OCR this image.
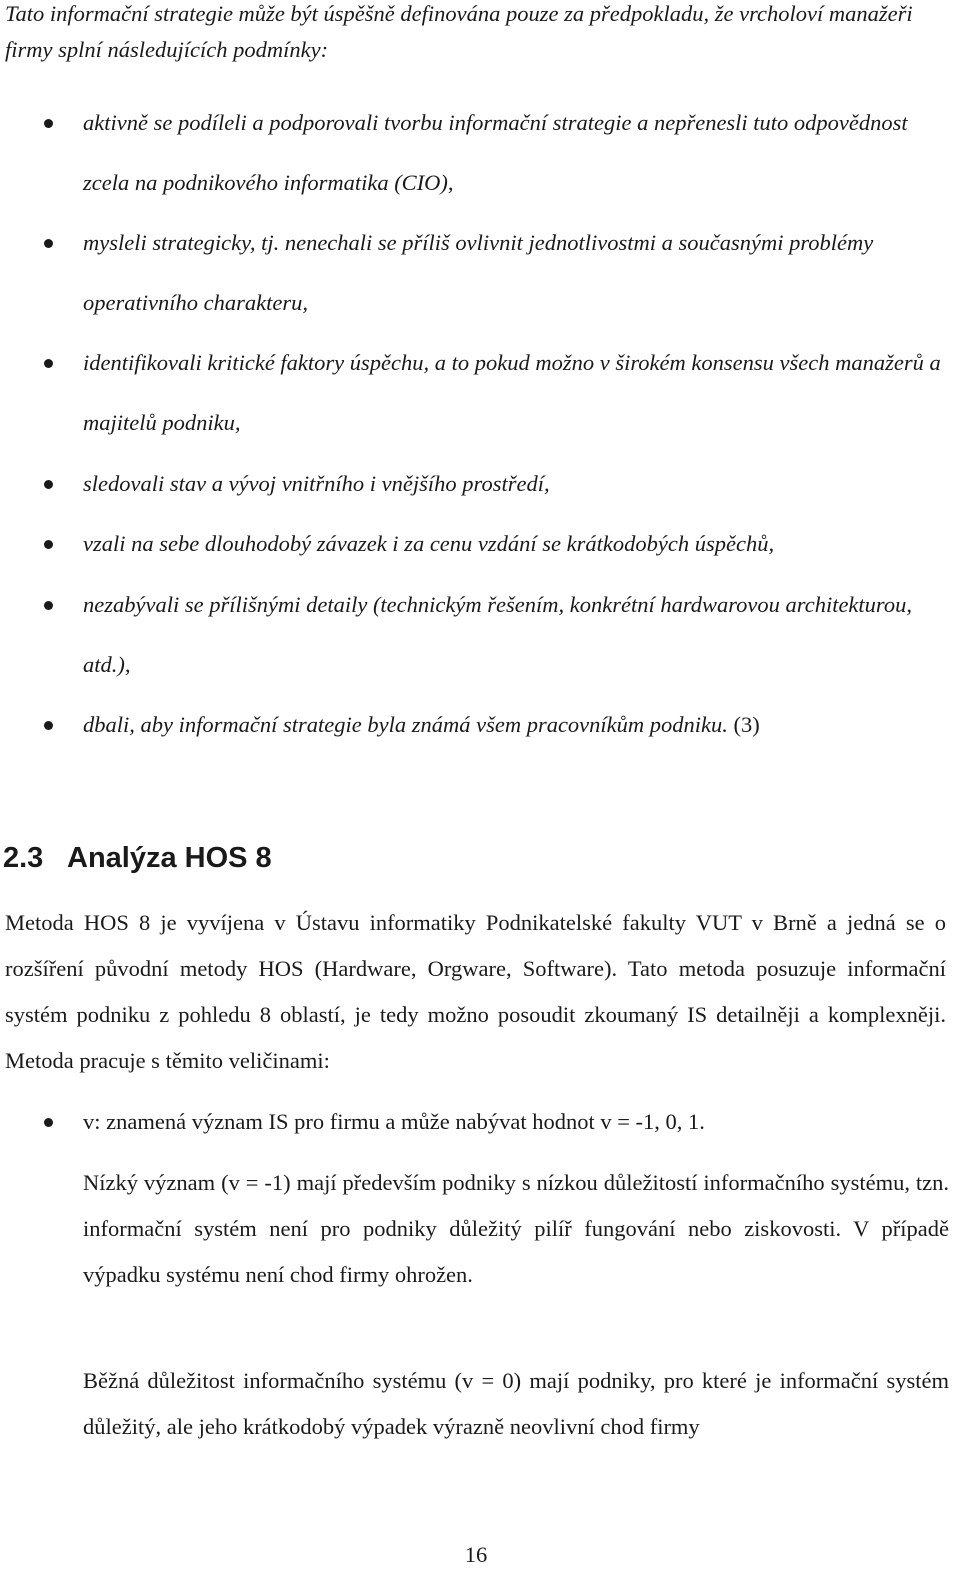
Tato informační strategie může být úspěšně definována pouze za předpokladu, že vrcholoví manažeři firmy splní následujících podmínky:

aktivně se podíleli a podporovali tvorbu informační strategie a nepřenesli tuto odpovědnost zcela na podnikového informatika (CIO),

mysleli strategicky, tj. nenechali se příliš ovlivnit jednotlivostmi a současnými problémy operativního charakteru,

identifikovali kritické faktory úspěchu, a to pokud možno v širokém konsensu všech manažerů a majitelů podniku,

sledovali stav a vývoj vnitřního i vnějšího prostředí,

vzali na sebe dlouhodobý závazek i za cenu vzdání se krátkodobých úspěchů,

nezabývali se přílišnými detaily (technickým řešením, konkrétní hardwarovou architekturou, atd.),

dbali, aby informační strategie byla známá všem pracovníkům podniku. (3)

2.3 Analýza HOS 8

Metoda HOS 8 je vyvíjena v Ústavu informatiky Podnikatelské fakulty VUT v Brně a jedná se o rozšíření původní metody HOS (Hardware, Orgware, Software). Tato metoda posuzuje informační systém podniku z pohledu 8 oblastí, je tedy možno posoudit zkoumaný IS detailněji a komplexněji. Metoda pracuje s těmito veličinami:

v: znamená význam IS pro firmu a může nabývat hodnot v = -1, 0, 1.

Nízký význam (v = -1) mají především podniky s nízkou důležitostí informačního systému, tzn. informační systém není pro podniky důležitý pilíř fungování nebo ziskovosti. V případě výpadku systému není chod firmy ohrožen.

Běžná důležitost informačního systému (v = 0) mají podniky, pro které je informační systém důležitý, ale jeho krátkodobý výpadek výrazně neovlivní chod firmy

16
